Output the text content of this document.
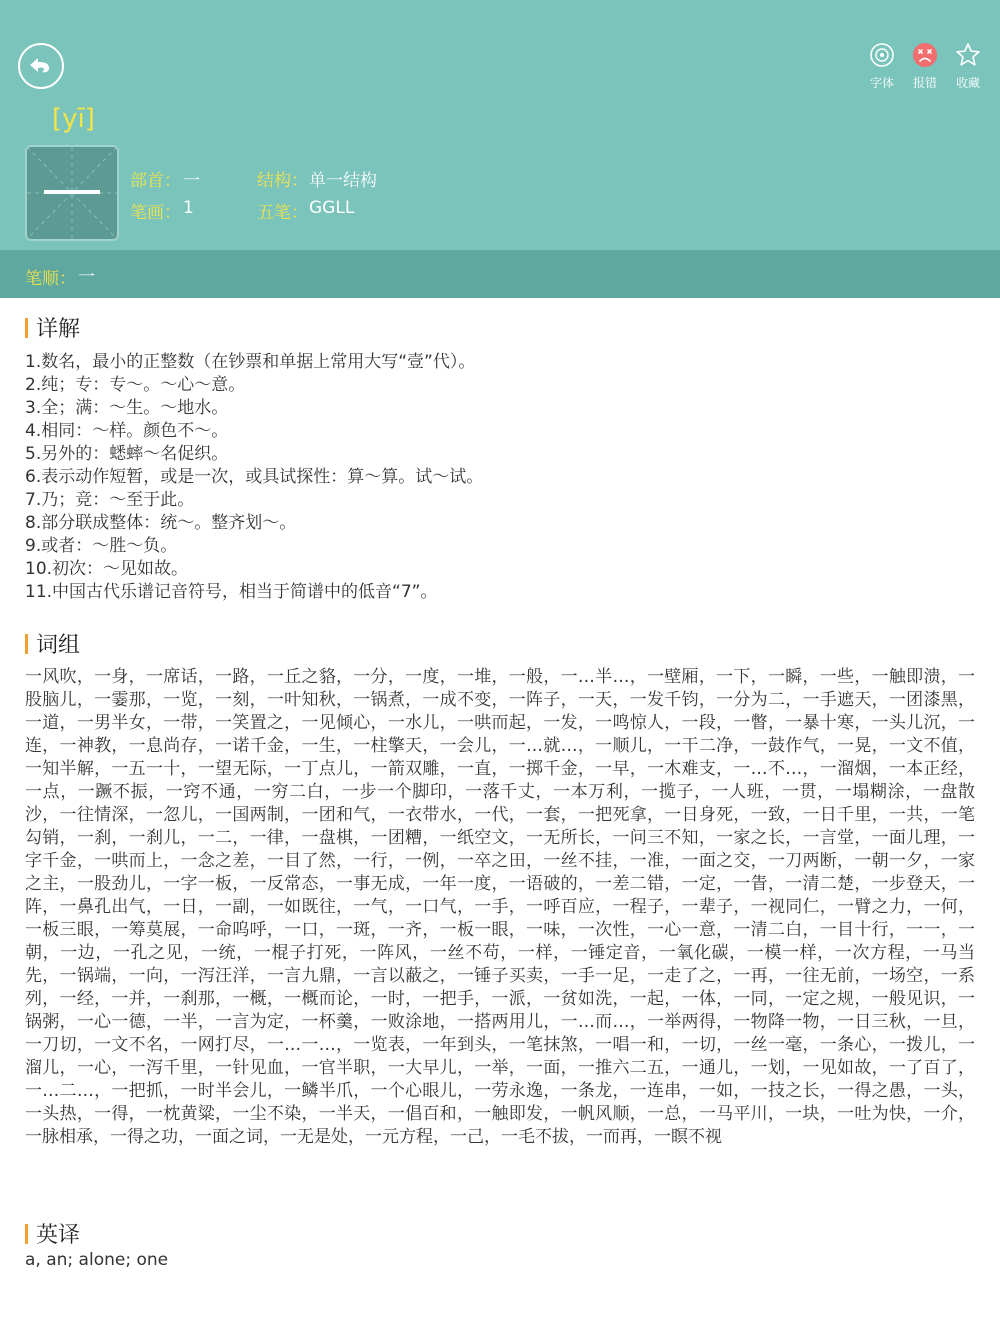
字体	报错	收藏
[yī]
部首： 一	结构： 单一结构
笔画： 1	五笔： GGLL
笔顺： 一
详解
1.数名，最小的正整数（在钞票和单据上常用大写“壹”代）。
2.纯；专：专～。～心～意。
3.全；满：～生。～地水。
4.相同：～样。颜色不～。
5.另外的：蟋蟀～名促织。
6.表示动作短暂，或是一次，或具试探性：算～算。试～试。
7.乃；竞：～至于此。
8.部分联成整体：统～。整齐划～。
9.或者：～胜～负。
10.初次：～见如故。
11.中国古代乐谱记音符号，相当于简谱中的低音“7”。
词组
一风吹，一身，一席话，一路，一丘之貉，一分，一度，一堆，一般，一…半…，一壁厢，一下，一瞬，一些，一触即溃，一股脑儿，一霎那，一览，一刻，一叶知秋，一锅煮，一成不变，一阵子，一天，一发千钧，一分为二，一手遮天，一团漆黑，一道，一男半女，一带，一笑置之，一见倾心，一水儿，一哄而起，一发，一鸣惊人，一段，一瞥，一暴十寒，一头儿沉，一连，一神教，一息尚存，一诺千金，一生，一柱擎天，一会儿，一…就…，一顺儿，一干二净，一鼓作气，一晃，一文不值，一知半解，一五一十，一望无际，一丁点儿，一箭双雕，一直，一掷千金，一早，一木难支，一…不…，一溜烟，一本正经，一点，一蹶不振，一窍不通，一穷二白，一步一个脚印，一落千丈，一本万利，一揽子，一人班，一贯，一塌糊涂，一盘散沙，一往情深，一忽儿，一国两制，一团和气，一衣带水，一代，一套，一把死拿，一日身死，一致，一日千里，一共，一笔勾销，一刹，一刹儿，一二，一律，一盘棋，一团糟，一纸空文，一无所长，一问三不知，一家之长，一言堂，一面儿理，一字千金，一哄而上，一念之差，一目了然，一行，一例，一卒之田，一丝不挂，一准，一面之交，一刀两断，一朝一夕，一家之主，一股劲儿，一字一板，一反常态，一事无成，一年一度，一语破的，一差二错，一定，一眚，一清二楚，一步登天，一阵，一鼻孔出气，一日，一副，一如既往，一气，一口气，一手，一呼百应，一程子，一辈子，一视同仁，一臂之力，一何，一板三眼，一筹莫展，一命呜呼，一口，一斑，一齐，一板一眼，一味，一次性，一心一意，一清二白，一目十行，一一，一朝，一边，一孔之见，一统，一棍子打死，一阵风，一丝不苟，一样，一锤定音，一氧化碳，一模一样，一次方程，一马当先，一锅端，一向，一泻汪洋，一言九鼎，一言以蔽之，一锤子买卖，一手一足，一走了之，一再，一往无前，一场空，一系列，一经，一并，一刹那，一概，一概而论，一时，一把手，一派，一贫如洗，一起，一体，一同，一定之规，一般见识，一锅粥，一心一德，一半，一言为定，一杯羹，一败涂地，一搭两用儿，一…而…，一举两得，一物降一物，一日三秋，一旦，一刀切，一文不名，一网打尽，一…一…，一览表，一年到头，一笔抹煞，一唱一和，一切，一丝一毫，一条心，一拨儿，一溜儿，一心，一泻千里，一针见血，一官半职，一大早儿，一举，一面，一推六二五，一通儿，一划，一见如故，一了百了，一…二…，一把抓，一时半会儿，一鳞半爪，一个心眼儿，一劳永逸，一条龙，一连串，一如，一技之长，一得之愚，一头，一头热，一得，一枕黄粱，一尘不染，一半天，一倡百和，一触即发，一帆风顺，一总，一马平川，一块，一吐为快，一介，一脉相承，一得之功，一面之词，一无是处，一元方程，一己，一毛不拔，一而再，一瞑不视
英译
a, an; alone; one
